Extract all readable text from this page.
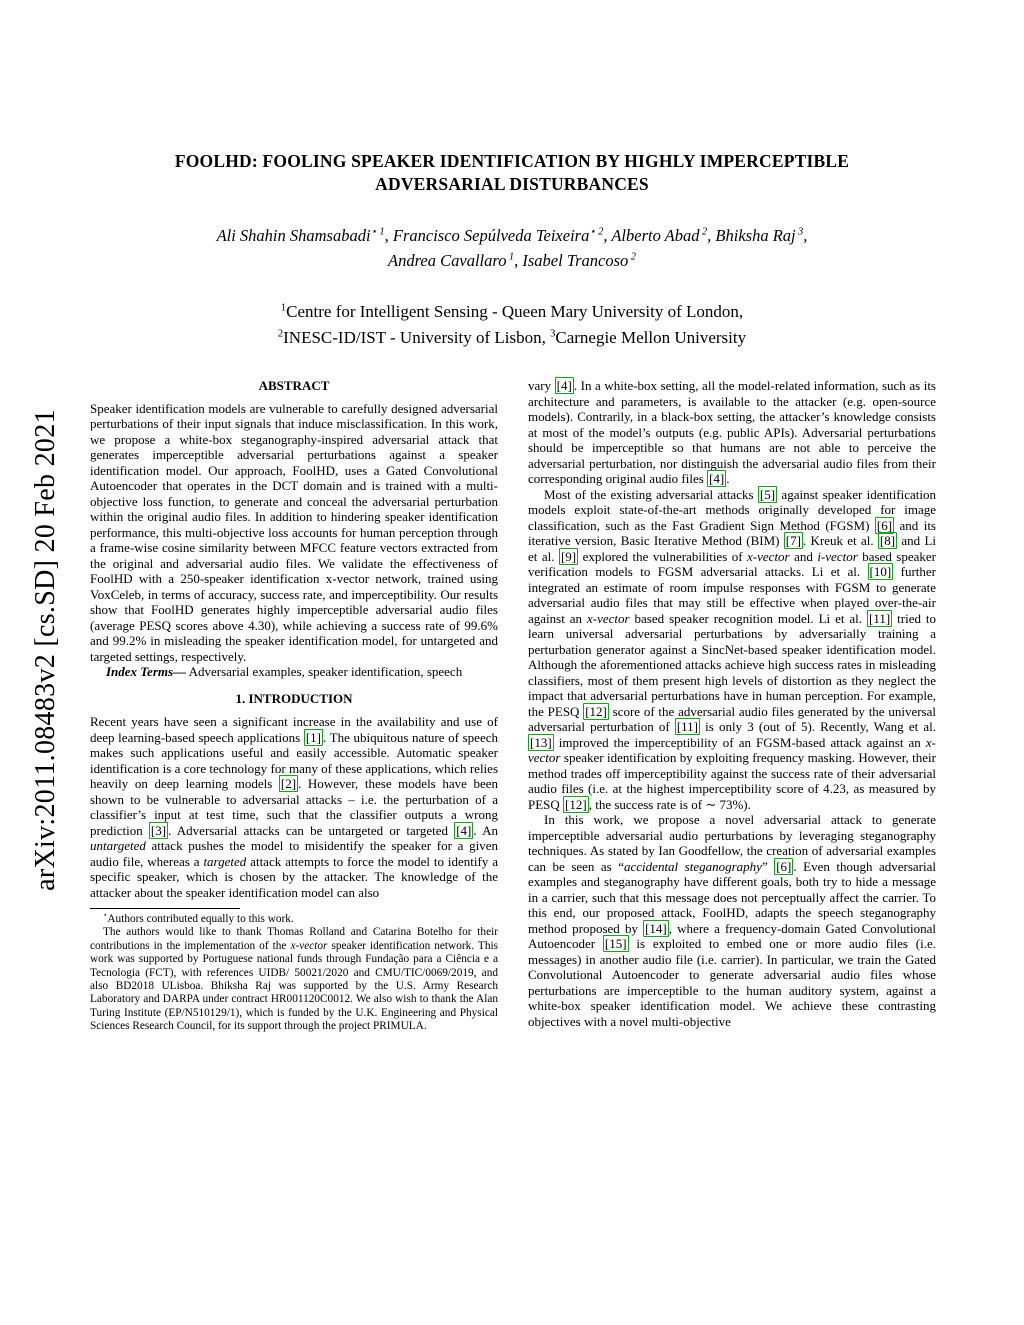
arXiv:2011.08483v2 [cs.SD] 20 Feb 2021
FOOLHD: FOOLING SPEAKER IDENTIFICATION BY HIGHLY IMPERCEPTIBLE
ADVERSARIAL DISTURBANCES
Ali Shahin Shamsabadi$^{⋆ 1}$, Francisco Sepúlveda Teixeira$^{⋆ 2}$, Alberto Abad $^2$, Bhiksha Raj $^3$,
Andrea Cavallaro $^1$, Isabel Trancoso $^2$
$^1$Centre for Intelligent Sensing - Queen Mary University of London,
$^2$INESC-ID/IST - University of Lisbon, $^3$Carnegie Mellon University
ABSTRACT

Speaker identification models are vulnerable to carefully designed adversarial perturbations of their input signals that induce misclassification. In this work, we propose a white-box steganography-inspired adversarial attack that generates imperceptible adversarial perturbations against a speaker identification model. Our approach, FoolHD, uses a Gated Convolutional Autoencoder that operates in the DCT domain and is trained with a multi-objective loss function, to generate and conceal the adversarial perturbation within the original audio files. In addition to hindering speaker identification performance, this multi-objective loss accounts for human perception through a frame-wise cosine similarity between MFCC feature vectors extracted from the original and adversarial audio files. We validate the effectiveness of FoolHD with a 250-speaker identification x-vector network, trained using VoxCeleb, in terms of accuracy, success rate, and imperceptibility. Our results show that FoolHD generates highly imperceptible adversarial audio files (average PESQ scores above 4.30), while achieving a success rate of 99.6% and 99.2% in misleading the speaker identification model, for untargeted and targeted settings, respectively.

Index Terms— Adversarial examples, speaker identification, speech

1. INTRODUCTION

Recent years have seen a significant increase in the availability and use of deep learning-based speech applications [1] . The ubiquitous nature of speech makes such applications useful and easily accessible. Automatic speaker identification is a core technology for many of these applications, which relies heavily on deep learning models [2] . However, these models have been shown to be vulnerable to adversarial attacks – i.e. the perturbation of a classifier’s input at test time, such that the classifier outputs a wrong prediction [3] . Adversarial attacks can be untargeted or targeted [4] . An untargeted attack pushes the model to misidentify the speaker for a given audio file, whereas a targeted attack attempts to force the model to identify a specific speaker, which is chosen by the attacker. The knowledge of the attacker about the speaker identification model can also

⋆Authors contributed equally to this work.

The authors would like to thank Thomas Rolland and Catarina Botelho for their contributions in the implementation of the x-vector speaker identification network. This work was supported by Portuguese national funds through Fundação para a Ciência e a Tecnologia (FCT), with references UIDB/ 50021/2020 and CMU/TIC/0069/2019, and also BD2018 ULisboa. Bhiksha Raj was supported by the U.S. Army Research Laboratory and DARPA under contract HR001120C0012. We also wish to thank the Alan Turing Institute (EP/N510129/1), which is funded by the U.K. Engineering and Physical Sciences Research Council, for its support through the project PRIMULA.

vary [4] . In a white-box setting, all the model-related information, such as its architecture and parameters, is available to the attacker (e.g. open-source models). Contrarily, in a black-box setting, the attacker’s knowledge consists at most of the model’s outputs (e.g. public APIs). Adversarial perturbations should be imperceptible so that humans are not able to perceive the adversarial perturbation, nor distinguish the adversarial audio files from their corresponding original audio files [4] .

Most of the existing adversarial attacks [5] against speaker identification models exploit state-of-the-art methods originally developed for image classification, such as the Fast Gradient Sign Method (FGSM) [6] and its iterative version, Basic Iterative Method (BIM) [7] . Kreuk et al. [8] and Li et al. [9] explored the vulnerabilities of x-vector and i-vector based speaker verification models to FGSM adversarial attacks. Li et al. [10] further integrated an estimate of room impulse responses with FGSM to generate adversarial audio files that may still be effective when played over-the-air against an x-vector based speaker recognition model. Li et al. [11] tried to learn universal adversarial perturbations by adversarially training a perturbation generator against a SincNet-based speaker identification model. Although the aforementioned attacks achieve high success rates in misleading classifiers, most of them present high levels of distortion as they neglect the impact that adversarial perturbations have in human perception. For example, the PESQ [12] score of the adversarial audio files generated by the universal adversarial perturbation of [11] is only 3 (out of 5). Recently, Wang et al. [13] improved the imperceptibility of an FGSM-based attack against an x-vector speaker identification by exploiting frequency masking. However, their method trades off imperceptibility against the success rate of their adversarial audio files (i.e. at the highest imperceptibility score of 4.23, as measured by PESQ [12] , the success rate is of ∼ 73%).

In this work, we propose a novel adversarial attack to generate imperceptible adversarial audio perturbations by leveraging steganography techniques. As stated by Ian Goodfellow, the creation of adversarial examples can be seen as “accidental steganography” [6] . Even though adversarial examples and steganography have different goals, both try to hide a message in a carrier, such that this message does not perceptually affect the carrier. To this end, our proposed attack, FoolHD, adapts the speech steganography method proposed by [14] , where a frequency-domain Gated Convolutional Autoencoder [15] is exploited to embed one or more audio files (i.e. messages) in another audio file (i.e. carrier). In particular, we train the Gated Convolutional Autoencoder to generate adversarial audio files whose perturbations are imperceptible to the human auditory system, against a white-box speaker identification model. We achieve these contrasting objectives with a novel multi-objective
